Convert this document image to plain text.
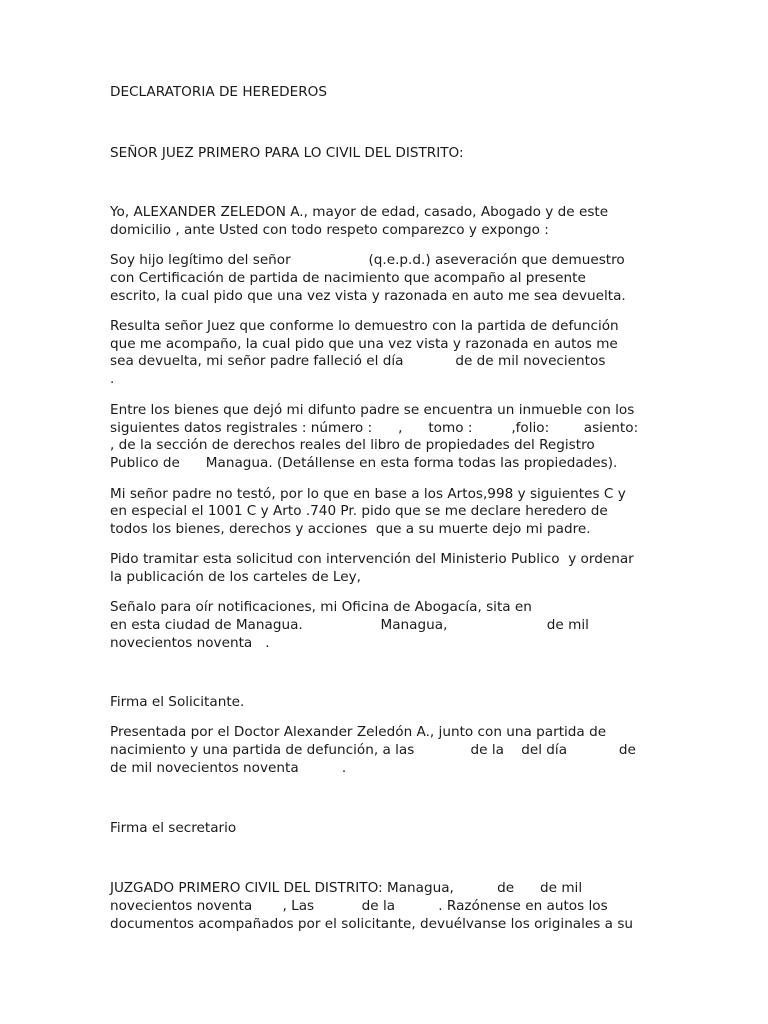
DECLARATORIA DE HEREDEROS

SEÑOR JUEZ PRIMERO PARA LO CIVIL DEL DISTRITO:

Yo, ALEXANDER ZELEDON A., mayor de edad, casado, Abogado y de este

domicilio , ante Usted con todo respeto comparezco y expongo :

Soy hijo legítimo del señor                  (q.e.p.d.) aseveración que demuestro

con Certificación de partida de nacimiento que acompaño al presente

escrito, la cual pido que una vez vista y razonada en auto me sea devuelta.

Resulta señor Juez que conforme lo demuestro con la partida de defunción

que me acompaño, la cual pido que una vez vista y razonada en autos me

sea devuelta, mi señor padre falleció el día            de de mil novecientos

.

Entre los bienes que dejó mi difunto padre se encuentra un inmueble con los

siguientes datos registrales : número :      ,      tomo :         ,folio:        asiento:

, de la sección de derechos reales del libro de propiedades del Registro

Publico de      Managua. (Detállense en esta forma todas las propiedades).

Mi señor padre no testó, por lo que en base a los Artos,998 y siguientes C y

en especial el 1001 C y Arto .740 Pr. pido que se me declare heredero de

todos los bienes, derechos y acciones  que a su muerte dejo mi padre.

Pido tramitar esta solicitud con intervención del Ministerio Publico  y ordenar

la publicación de los carteles de Ley,

Señalo para oír notificaciones, mi Oficina de Abogacía, sita en

en esta ciudad de Managua.                  Managua,                       de mil

novecientos noventa   .

Firma el Solicitante.

Presentada por el Doctor Alexander Zeledón A., junto con una partida de

nacimiento y una partida de defunción, a las             de la    del día            de

de mil novecientos noventa          .

Firma el secretario

JUZGADO PRIMERO CIVIL DEL DISTRITO: Managua,          de      de mil

novecientos noventa       , Las           de la          . Razónense en autos los

documentos acompañados por el solicitante, devuélvanse los originales a su
